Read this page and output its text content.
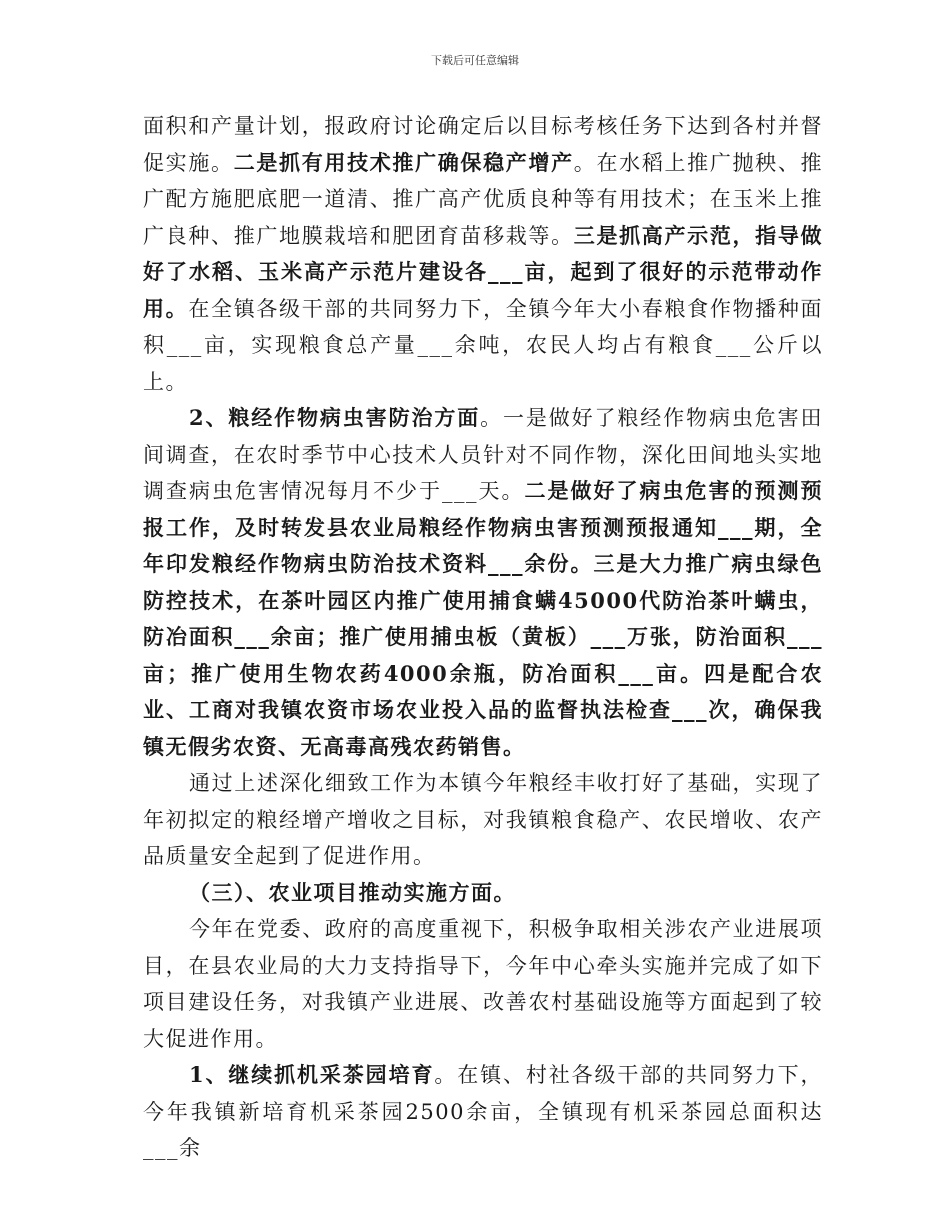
下载后可任意编辑

面积和产量计划，报政府讨论确定后以目标考核任务下达到各村并督促实施。二是抓有用技术推广确保稳产增产。在水稻上推广抛秧、推广配方施肥底肥一道清、推广高产优质良种等有用技术；在玉米上推广良种、推广地膜栽培和肥团育苗移栽等。三是抓高产示范，指导做好了水稻、玉米高产示范片建设各___亩，起到了很好的示范带动作用。在全镇各级干部的共同努力下，全镇今年大小春粮食作物播种面积___亩，实现粮食总产量___余吨，农民人均占有粮食___公斤以上。

2、粮经作物病虫害防治方面。一是做好了粮经作物病虫危害田间调查，在农时季节中心技术人员针对不同作物，深化田间地头实地调查病虫危害情况每月不少于___天。二是做好了病虫危害的预测预报工作，及时转发县农业局粮经作物病虫害预测预报通知___期，全年印发粮经作物病虫防治技术资料___余份。三是大力推广病虫绿色防控技术，在茶叶园区内推广使用捕食螨45000代防治茶叶螨虫，防冶面积___余亩；推广使用捕虫板（黄板）___万张，防治面积___亩；推广使用生物农药4000余瓶，防冶面积___亩。四是配合农业、工商对我镇农资市场农业投入品的监督执法检查___次，确保我镇无假劣农资、无高毒高残农药销售。

通过上述深化细致工作为本镇今年粮经丰收打好了基础，实现了年初拟定的粮经增产增收之目标，对我镇粮食稳产、农民增收、农产品质量安全起到了促进作用。

（三）、农业项目推动实施方面。

今年在党委、政府的高度重视下，积极争取相关涉农产业进展项目，在县农业局的大力支持指导下，今年中心牵头实施并完成了如下项目建设任务，对我镇产业进展、改善农村基础设施等方面起到了较大促进作用。

1、继续抓机采茶园培育。在镇、村社各级干部的共同努力下，今年我镇新培育机采茶园2500余亩，全镇现有机采茶园总面积达___余
